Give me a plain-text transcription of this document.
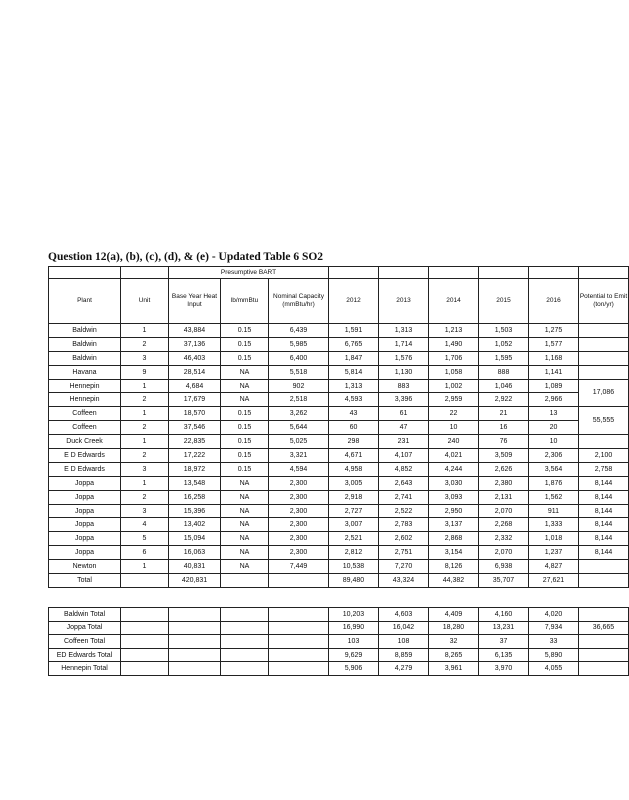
Question 12(a), (b), (c), (d), & (e) - Updated Table 6 SO2
		Presumptive BART								
Plant	Unit	Base Year Heat Input	lb/mmBtu	Nominal Capacity (mmBtu/hr)	2012	2013	2014	2015	2016	Potential to Emit (ton/yr)
Baldwin	1	43,884	0.15	6,439	1,591	1,313	1,213	1,503	1,275	
Baldwin	2	37,136	0.15	5,985	6,765	1,714	1,490	1,052	1,577	
Baldwin	3	46,403	0.15	6,400	1,847	1,576	1,706	1,595	1,168	
Havana	9	28,514	NA	5,518	5,814	1,130	1,058	888	1,141	
Hennepin	1	4,684	NA	902	1,313	883	1,002	1,046	1,089	17,086
Hennepin	2	17,679	NA	2,518	4,593	3,396	2,959	2,922	2,966	
Coffeen	1	18,570	0.15	3,262	43	61	22	21	13	55,555
Coffeen	2	37,546	0.15	5,644	60	47	10	16	20	
Duck Creek	1	22,835	0.15	5,025	298	231	240	76	10	
E D Edwards	2	17,222	0.15	3,321	4,671	4,107	4,021	3,509	2,306	2,100
E D Edwards	3	18,972	0.15	4,594	4,958	4,852	4,244	2,626	3,564	2,758
Joppa	1	13,548	NA	2,300	3,005	2,643	3,030	2,380	1,876	8,144
Joppa	2	16,258	NA	2,300	2,918	2,741	3,093	2,131	1,562	8,144
Joppa	3	15,396	NA	2,300	2,727	2,522	2,950	2,070	911	8,144
Joppa	4	13,402	NA	2,300	3,007	2,783	3,137	2,268	1,333	8,144
Joppa	5	15,094	NA	2,300	2,521	2,602	2,868	2,332	1,018	8,144
Joppa	6	16,063	NA	2,300	2,812	2,751	3,154	2,070	1,237	8,144
Newton	1	40,831	NA	7,449	10,538	7,270	8,126	6,938	4,827	
Total		420,831			89,480	43,324	44,382	35,707	27,621	
Baldwin Total					10,203	4,603	4,409	4,160	4,020	
Joppa Total					16,990	16,042	18,280	13,231	7,934	36,665
Coffeen Total					103	108	32	37	33	
ED Edwards Total					9,629	8,859	8,265	6,135	5,890	
Hennepin Total					5,906	4,279	3,961	3,970	4,055	
